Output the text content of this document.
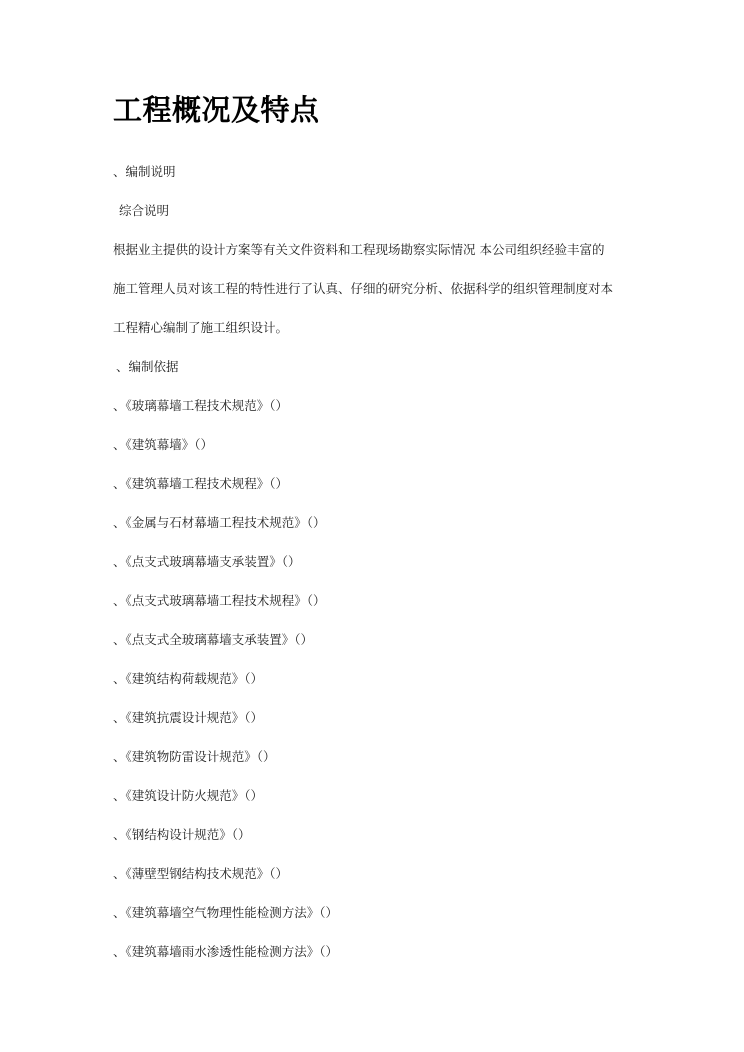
工程概况及特点
、编制说明
综合说明
根据业主提供的设计方案等有关文件资料和工程现场勘察实际情况 本公司组织经验丰富的
施工管理人员对该工程的特性进行了认真、仔细的研究分析、依据科学的组织管理制度对本
工程精心编制了施工组织设计。
、编制依据
、《玻璃幕墙工程技术规范》（）
、《建筑幕墙》（）
、《建筑幕墙工程技术规程》（）
、《金属与石材幕墙工程技术规范》（）
、《点支式玻璃幕墙支承装置》（）
、《点支式玻璃幕墙工程技术规程》（）
、《点支式全玻璃幕墙支承装置》（）
、《建筑结构荷载规范》（）
、《建筑抗震设计规范》（）
、《建筑物防雷设计规范》（）
、《建筑设计防火规范》（）
、《钢结构设计规范》（）
、《薄壁型钢结构技术规范》（）
、《建筑幕墙空气物理性能检测方法》（）
、《建筑幕墙雨水渗透性能检测方法》（）
